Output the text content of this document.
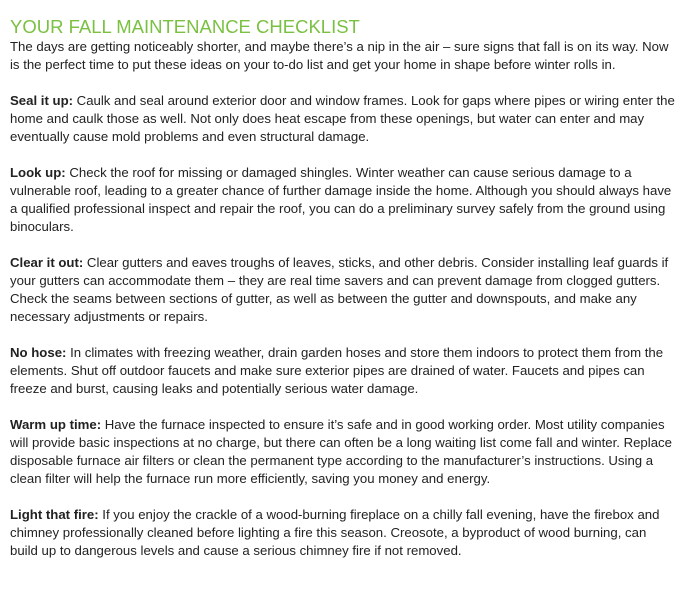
YOUR FALL MAINTENANCE CHECKLIST

The days are getting noticeably shorter, and maybe there’s a nip in the air – sure signs that fall is on its way. Now is the perfect time to put these ideas on your to-do list and get your home in shape before winter rolls in.

Seal it up: Caulk and seal around exterior door and window frames. Look for gaps where pipes or wiring enter the home and caulk those as well. Not only does heat escape from these openings, but water can enter and may eventually cause mold problems and even structural damage.

Look up: Check the roof for missing or damaged shingles. Winter weather can cause serious damage to a vulnerable roof, leading to a greater chance of further damage inside the home. Although you should always have a qualified professional inspect and repair the roof, you can do a preliminary survey safely from the ground using binoculars.

Clear it out: Clear gutters and eaves troughs of leaves, sticks, and other debris. Consider installing leaf guards if your gutters can accommodate them – they are real time savers and can prevent damage from clogged gutters. Check the seams between sections of gutter, as well as between the gutter and downspouts, and make any necessary adjustments or repairs.

No hose: In climates with freezing weather, drain garden hoses and store them indoors to protect them from the elements. Shut off outdoor faucets and make sure exterior pipes are drained of water. Faucets and pipes can freeze and burst, causing leaks and potentially serious water damage.

Warm up time: Have the furnace inspected to ensure it’s safe and in good working order. Most utility companies will provide basic inspections at no charge, but there can often be a long waiting list come fall and winter. Replace disposable furnace air filters or clean the permanent type according to the manufacturer’s instructions. Using a clean filter will help the furnace run more efficiently, saving you money and energy.

Light that fire: If you enjoy the crackle of a wood-burning fireplace on a chilly fall evening, have the firebox and chimney professionally cleaned before lighting a fire this season. Creosote, a byproduct of wood burning, can build up to dangerous levels and cause a serious chimney fire if not removed.
